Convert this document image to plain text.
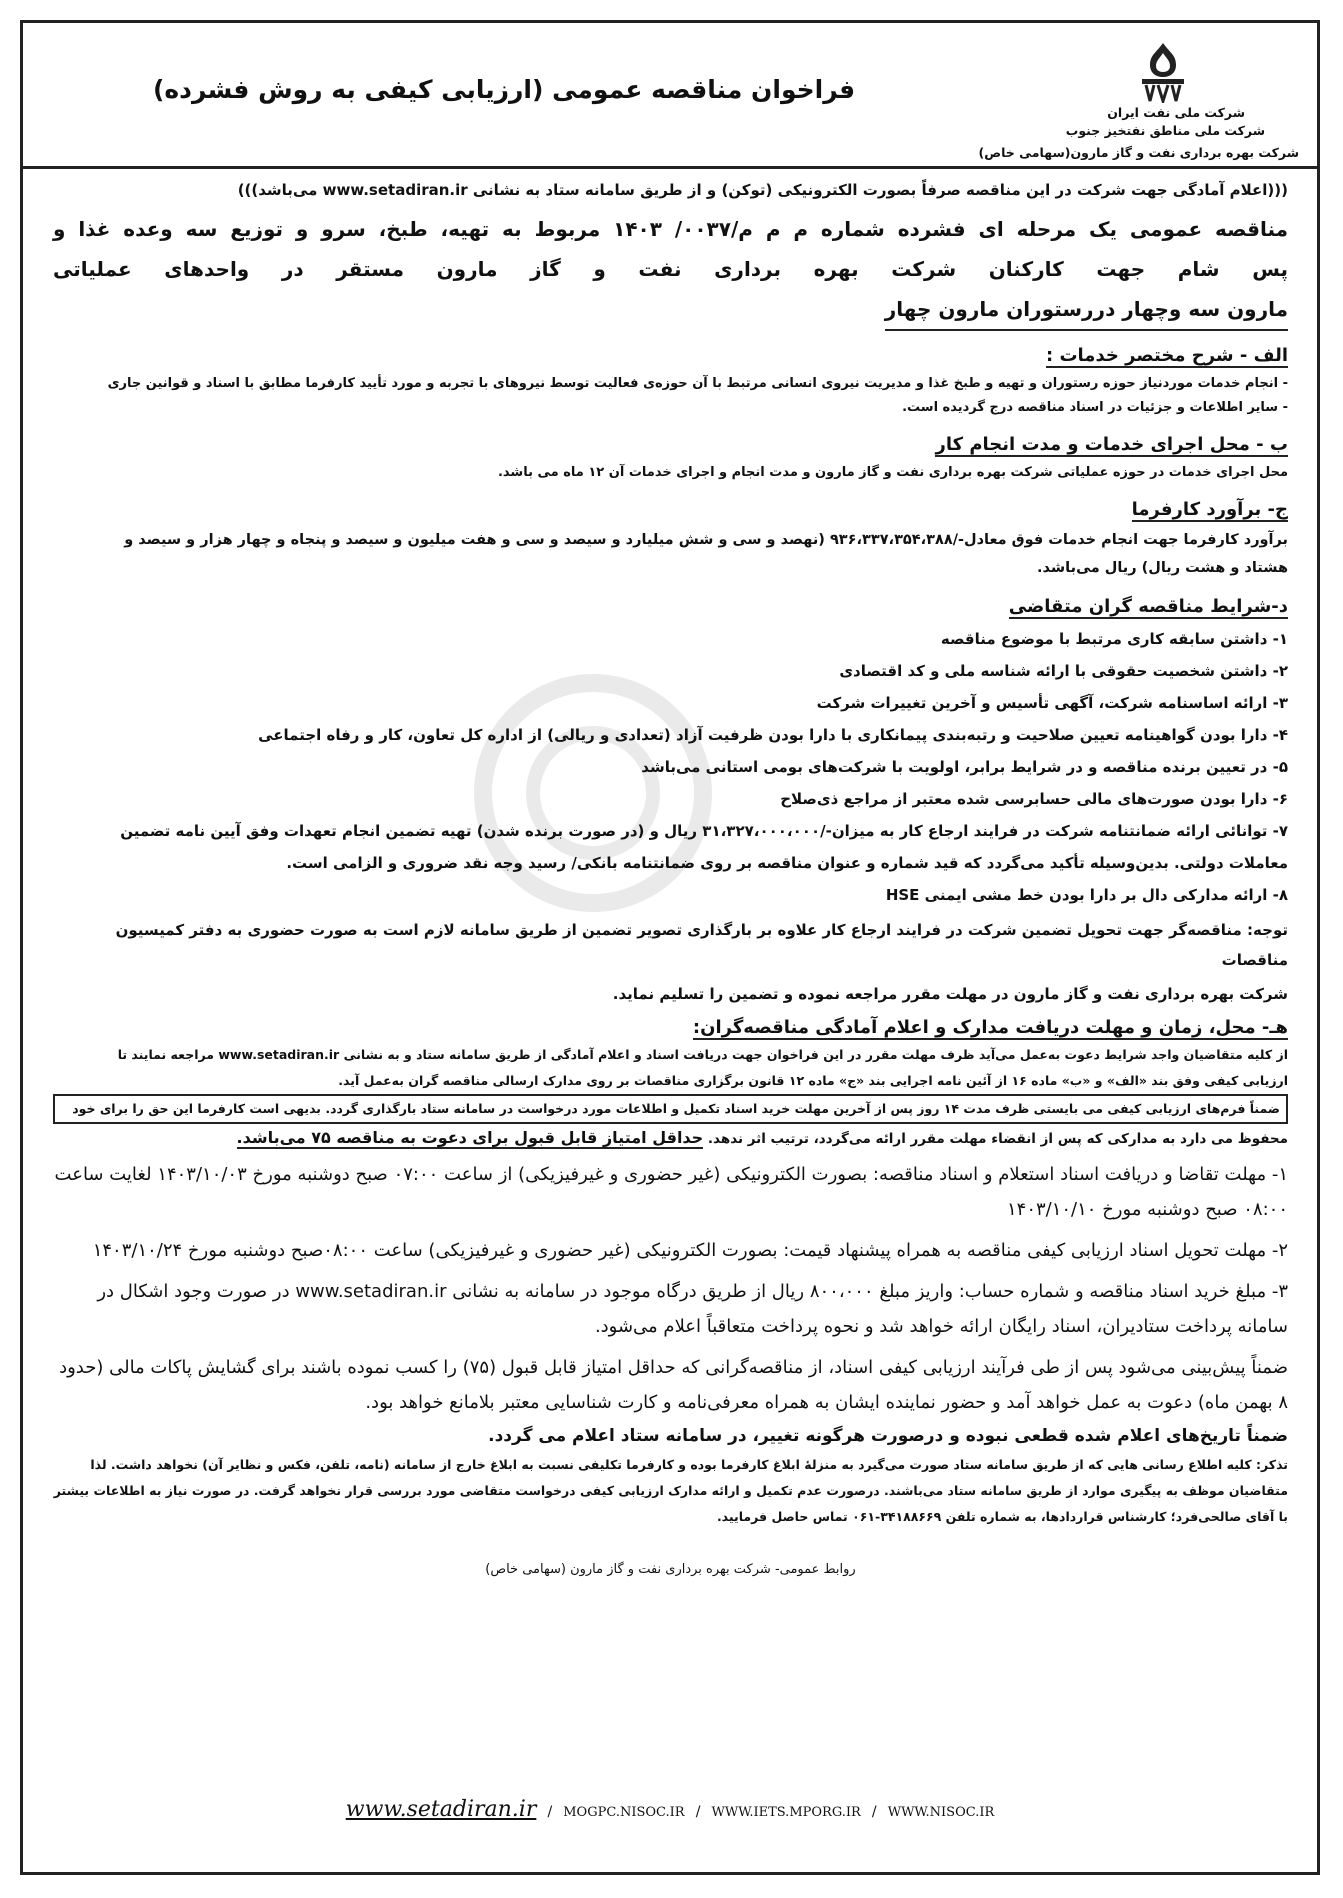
شرکت ملی نفت ایران
شرکت ملی مناطق نفتخیز جنوب
شرکت بهره برداری نفت و گاز مارون(سهامی خاص)
فراخوان مناقصه عمومی (ارزیابی کیفی به روش فشرده)

(((اعلام آمادگی جهت شرکت در این مناقصه صرفاً بصورت الکترونیکی (توکن) و از طریق سامانه ستاد به نشانی www.setadiran.ir می‌باشد)))

مناقصه عمومی یک مرحله ای فشرده شماره م م م/۰۰۳۷/ ۱۴۰۳ مربوط به تهیه، طبخ، سرو و توزیع سه وعده غذا و

پس شام جهت کارکنان شرکت بهره برداری نفت و گاز مارون مستقر در واحدهای عملیاتی

مارون سه وچهار دررستوران مارون چهار

الف - شرح مختصر خدمات :

- انجام خدمات موردنیاز حوزه رستوران و تهیه و طبخ غذا و مدیریت نیروی انسانی مرتبط با آن حوزه‌ی فعالیت توسط نیروهای با تجربه و مورد تأیید کارفرما مطابق با اسناد و قوانین جاری

- سایر اطلاعات و جزئیات در اسناد مناقصه درج گردیده است.

ب - محل اجرای خدمات و مدت انجام کار

محل اجرای خدمات در حوزه عملیاتی شرکت بهره برداری نفت و گاز مارون و مدت انجام و اجرای خدمات آن ۱۲ ماه می باشد.

ج- برآورد کارفرما

برآورد کارفرما جهت انجام خدمات فوق معادل-/۹۳۶،۳۳۷،۳۵۴،۳۸۸ (نهصد و سی و شش میلیارد و سیصد و سی و هفت میلیون و سیصد و پنجاه و چهار هزار و سیصد و

هشتاد و هشت ریال) ریال می‌باشد.

د-شرایط مناقصه گران متقاضی

۱- داشتن سابقه کاری مرتبط با موضوع مناقصه

۲- داشتن شخصیت حقوقی با ارائه شناسه ملی و کد اقتصادی

۳- ارائه اساسنامه شرکت، آگهی تأسیس و آخرین تغییرات شرکت

۴- دارا بودن گواهینامه تعیین صلاحیت و رتبه‌بندی پیمانکاری با دارا بودن ظرفیت آزاد (تعدادی و ریالی) از اداره کل تعاون، کار و رفاه اجتماعی

۵- در تعیین برنده مناقصه و در شرایط برابر، اولویت با شرکت‌های بومی استانی می‌باشد

۶- دارا بودن صورت‌های مالی حسابرسی شده معتبر از مراجع ذی‌صلاح

۷- توانائی ارائه ضمانتنامه شرکت در فرایند ارجاع کار به میزان-/۳۱،۳۲۷،۰۰۰،۰۰۰ ریال و (در صورت برنده شدن) تهیه تضمین انجام تعهدات وفق آیین نامه تضمین

معاملات دولتی. بدین‌وسیله تأکید می‌گردد که قید شماره و عنوان مناقصه بر روی ضمانتنامه بانکی/ رسید وجه نقد ضروری و الزامی است.

۸- ارائه مدارکی دال بر دارا بودن خط مشی ایمنی HSE

توجه: مناقصه‌گر جهت تحویل تضمین شرکت در فرایند ارجاع کار علاوه بر بارگذاری تصویر تضمین از طریق سامانه لازم است به صورت حضوری به دفتر کمیسیون مناقصات

شرکت بهره برداری نفت و گاز مارون در مهلت مقرر مراجعه نموده و تضمین را تسلیم نماید.

هـ- محل، زمان و مهلت دریافت مدارک و اعلام آمادگی مناقصه‌گران:

از کلیه متقاضیان واجد شرایط دعوت به‌عمل می‌آید ظرف مهلت مقرر در این فراخوان جهت دریافت اسناد و اعلام آمادگی از طریق سامانه ستاد و به نشانی www.setadiran.ir مراجعه نمایند تا

ارزیابی کیفی وفق بند «الف» و «ب» ماده ۱۶ از آئین نامه اجرایی بند «ج» ماده ۱۲ قانون برگزاری مناقصات بر روی مدارک ارسالی مناقصه گران به‌عمل آید.

ضمناً فرم‌های ارزیابی کیفی می بایستی ظرف مدت ۱۴ روز پس از آخرین مهلت خرید اسناد تکمیل و اطلاعات مورد درخواست در سامانه ستاد بارگذاری گردد. بدیهی است کارفرما این حق را برای خود

محفوظ می دارد به مدارکی که پس از انقضاء مهلت مقرر ارائه می‌گردد، ترتیب اثر ندهد. حداقل امتیاز قابل قبول برای دعوت به مناقصه ۷۵ می‌باشد.

۱- مهلت تقاضا و دریافت اسناد استعلام و اسناد مناقصه: بصورت الکترونیکی (غیر حضوری و غیرفیزیکی) از ساعت ۰۷:۰۰ صبح دوشنبه مورخ ۱۴۰۳/۱۰/۰۳ لغایت ساعت ۰۸:۰۰ صبح دوشنبه مورخ ۱۴۰۳/۱۰/۱۰

۲- مهلت تحویل اسناد ارزیابی کیفی مناقصه به همراه پیشنهاد قیمت: بصورت الکترونیکی (غیر حضوری و غیرفیزیکی) ساعت ۰۸:۰۰صبح دوشنبه مورخ ۱۴۰۳/۱۰/۲۴

۳- مبلغ خرید اسناد مناقصه و شماره حساب: واریز مبلغ ۸۰۰،۰۰۰ ریال از طریق درگاه موجود در سامانه به نشانی www.setadiran.ir در صورت وجود اشکال در سامانه پرداخت ستادیران، اسناد رایگان ارائه خواهد شد و نحوه پرداخت متعاقباً اعلام می‌شود.

ضمناً پیش‌بینی می‌شود پس از طی فرآیند ارزیابی کیفی اسناد، از مناقصه‌گرانی که حداقل امتیاز قابل قبول (۷۵) را کسب نموده باشند برای گشایش پاکات مالی (حدود ۸ بهمن ماه) دعوت به عمل خواهد آمد و حضور نماینده ایشان به همراه معرفی‌نامه و کارت شناسایی معتبر بلامانع خواهد بود.

ضمناً تاریخ‌های اعلام شده قطعی نبوده و درصورت هرگونه تغییر، در سامانه ستاد اعلام می گردد.

تذکر: کلیه اطلاع رسانی هایی که از طریق سامانه ستاد صورت می‌گیرد به منزلهٔ ابلاغ کارفرما بوده و کارفرما تکلیفی نسبت به ابلاغ خارج از سامانه (نامه، تلفن، فکس و نظایر آن) نخواهد داشت. لذا متقاضیان موظف به پیگیری موارد از طریق سامانه ستاد می‌باشند. درصورت عدم تکمیل و ارائه مدارک ارزیابی کیفی درخواست متقاضی مورد بررسی قرار نخواهد گرفت. در صورت نیاز به اطلاعات بیشتر با آقای صالحی‌فرد؛ کارشناس قراردادها، به شماره تلفن ۳۴۱۸۸۶۶۹-۰۶۱ تماس حاصل فرمایید.

روابط عمومی- شرکت بهره برداری نفت و گاز مارون (سهامی خاص)
www.setadiran.ir / MOGPC.NISOC.IR / WWW.IETS.MPORG.IR / WWW.NISOC.IR
